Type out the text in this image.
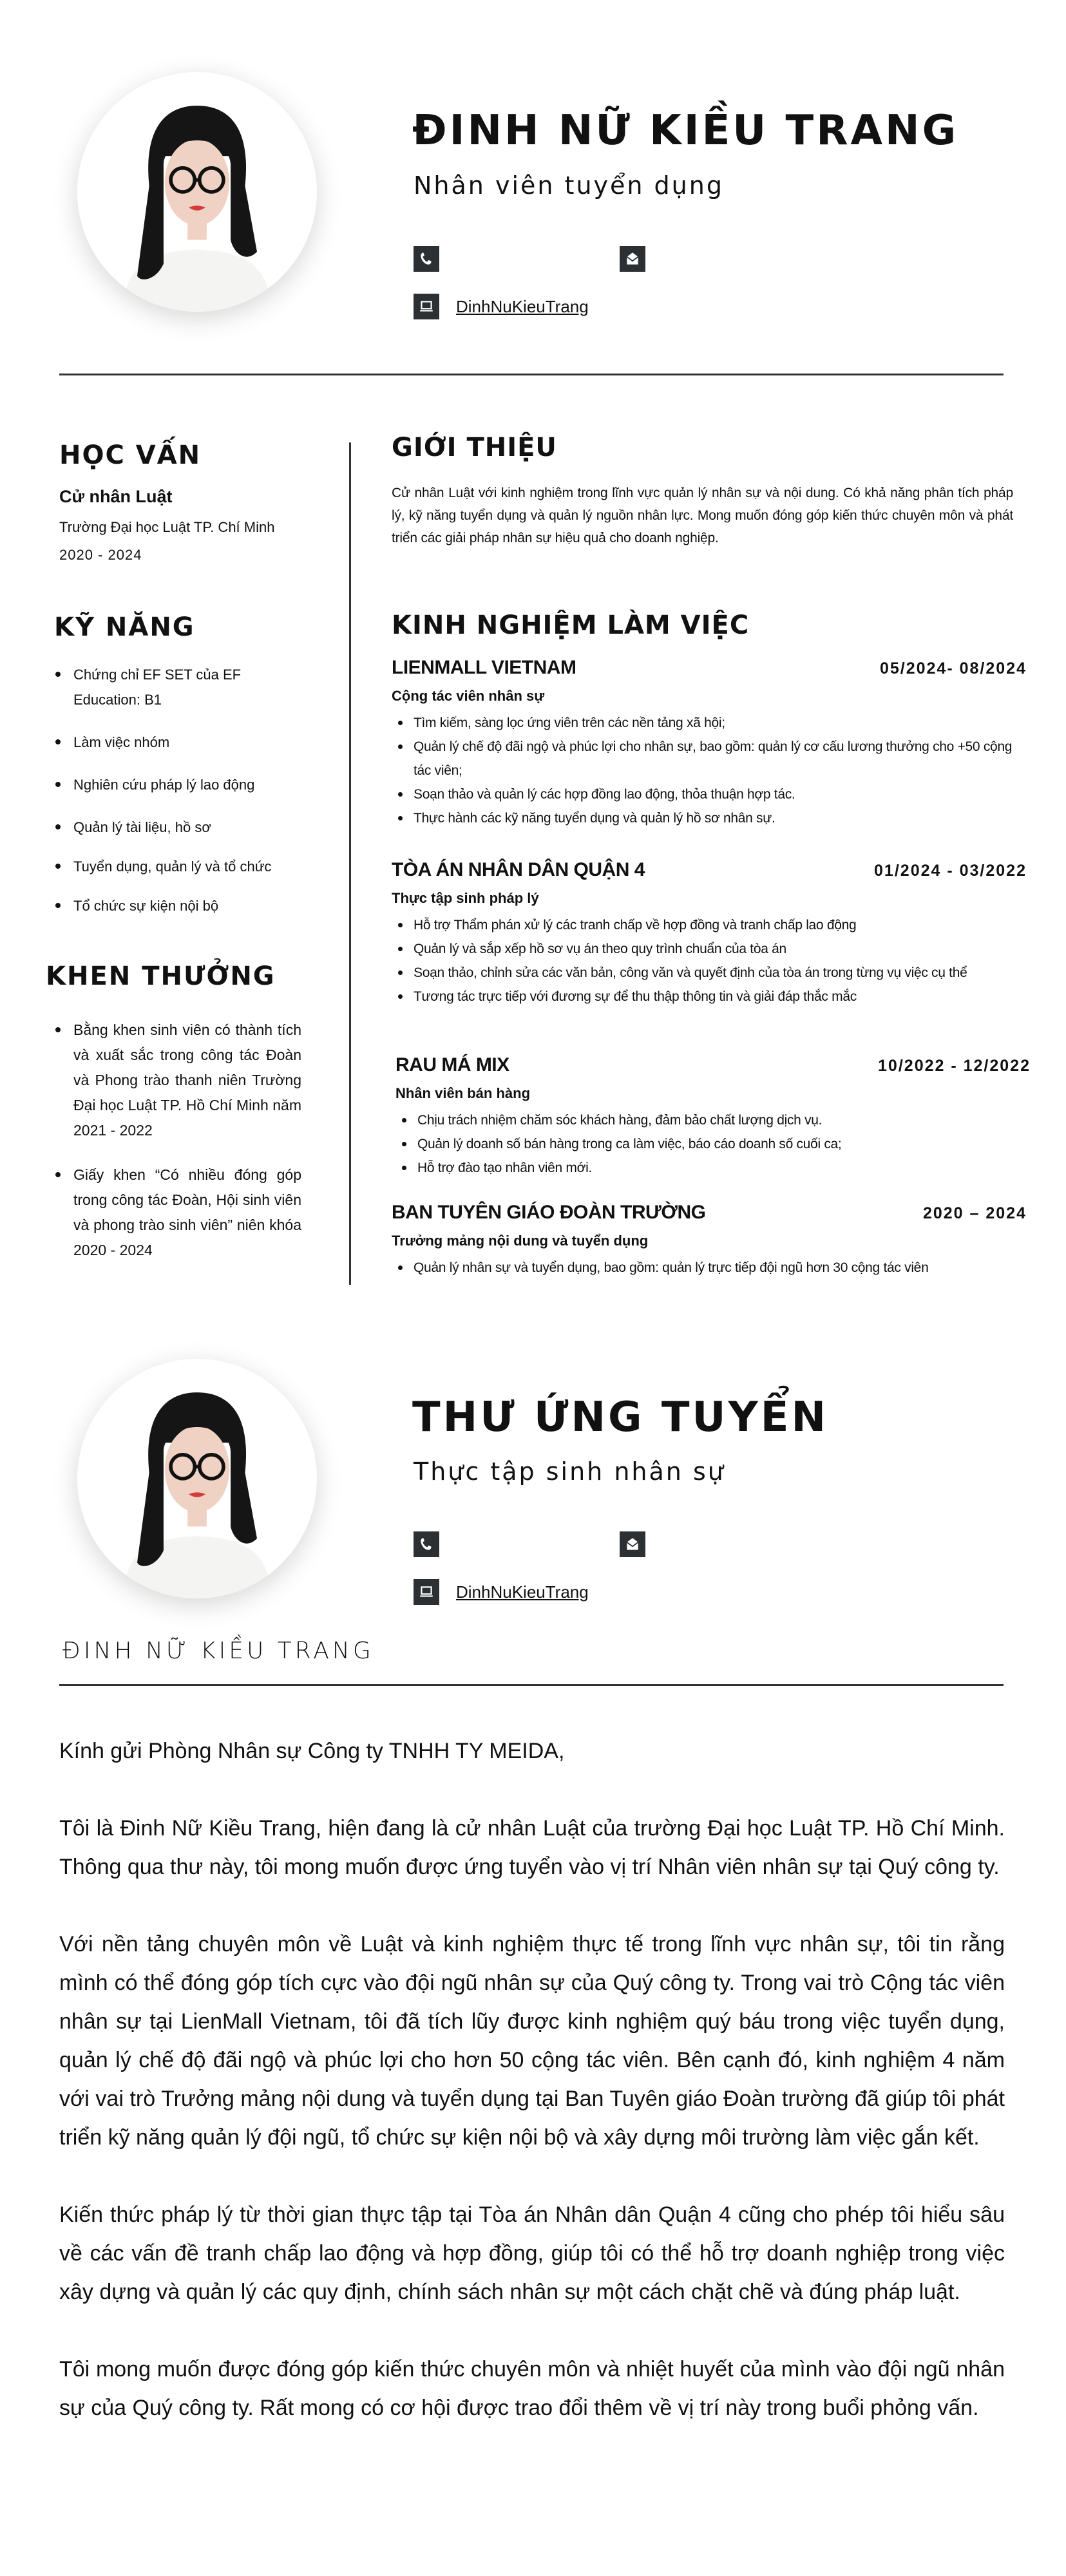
ĐINH NỮ KIỀU TRANG
Nhân viên tuyển dụng
DinhNuKieuTrang
HỌC VẤN
Cử nhân Luật
Trường Đại học Luật TP. Chí Minh
2020 - 2024
KỸ NĂNG
Chứng chỉ EF SET của EF Education: B1
Làm việc nhóm
Nghiên cứu pháp lý lao động
Quản lý tài liệu, hồ sơ
Tuyển dụng, quản lý và tổ chức
Tổ chức sự kiện nội bộ
KHEN THƯỞNG
Bằng khen sinh viên có thành tích và xuất sắc trong công tác Đoàn và Phong trào thanh niên Trường Đại học Luật TP. Hồ Chí Minh năm 2021 - 2022
Giấy khen “Có nhiều đóng góp trong công tác Đoàn, Hội sinh viên và phong trào sinh viên” niên khóa 2020 - 2024
GIỚI THIỆU
Cử nhân Luật với kinh nghiệm trong lĩnh vực quản lý nhân sự và nội dung. Có khả năng phân tích pháp lý, kỹ năng tuyển dụng và quản lý nguồn nhân lực. Mong muốn đóng góp kiến thức chuyên môn và phát triển các giải pháp nhân sự hiệu quả cho doanh nghiệp.
KINH NGHIỆM LÀM VIỆC
LIENMALL VIETNAM	05/2024- 08/2024
Cộng tác viên nhân sự
Tìm kiếm, sàng lọc ứng viên trên các nền tảng xã hội;
Quản lý chế độ đãi ngộ và phúc lợi cho nhân sự, bao gồm: quản lý cơ cấu lương thưởng cho +50 cộng tác viên;
Soạn thảo và quản lý các hợp đồng lao động, thỏa thuận hợp tác.
Thực hành các kỹ năng tuyển dụng và quản lý hồ sơ nhân sự.
TÒA ÁN NHÂN DÂN QUẬN 4	01/2024 - 03/2022
Thực tập sinh pháp lý
Hỗ trợ Thẩm phán xử lý các tranh chấp về hợp đồng và tranh chấp lao động
Quản lý và sắp xếp hồ sơ vụ án theo quy trình chuẩn của tòa án
Soạn thảo, chỉnh sửa các văn bản, công văn và quyết định của tòa án trong từng vụ việc cụ thể
Tương tác trực tiếp với đương sự để thu thập thông tin và giải đáp thắc mắc
RAU MÁ MIX	10/2022 - 12/2022
Nhân viên bán hàng
Chịu trách nhiệm chăm sóc khách hàng, đảm bảo chất lượng dịch vụ.
Quản lý doanh số bán hàng trong ca làm việc, báo cáo doanh số cuối ca;
Hỗ trợ đào tạo nhân viên mới.
BAN TUYÊN GIÁO ĐOÀN TRƯỜNG	2020 – 2024
Trưởng mảng nội dung và tuyển dụng
Quản lý nhân sự và tuyển dụng, bao gồm: quản lý trực tiếp đội ngũ hơn 30 cộng tác viên
THƯ ỨNG TUYỂN
Thực tập sinh nhân sự
DinhNuKieuTrang
ĐINH NỮ KIỀU TRANG

Kính gửi Phòng Nhân sự Công ty TNHH TY MEIDA,

Tôi là Đinh Nữ Kiều Trang, hiện đang là cử nhân Luật của trường Đại học Luật TP. Hồ Chí Minh. Thông qua thư này, tôi mong muốn được ứng tuyển vào vị trí Nhân viên nhân sự tại Quý công ty.

Với nền tảng chuyên môn về Luật và kinh nghiệm thực tế trong lĩnh vực nhân sự, tôi tin rằng mình có thể đóng góp tích cực vào đội ngũ nhân sự của Quý công ty. Trong vai trò Cộng tác viên nhân sự tại LienMall Vietnam, tôi đã tích lũy được kinh nghiệm quý báu trong việc tuyển dụng, quản lý chế độ đãi ngộ và phúc lợi cho hơn 50 cộng tác viên. Bên cạnh đó, kinh nghiệm 4 năm với vai trò Trưởng mảng nội dung và tuyển dụng tại Ban Tuyên giáo Đoàn trường đã giúp tôi phát triển kỹ năng quản lý đội ngũ, tổ chức sự kiện nội bộ và xây dựng môi trường làm việc gắn kết.

Kiến thức pháp lý từ thời gian thực tập tại Tòa án Nhân dân Quận 4 cũng cho phép tôi hiểu sâu về các vấn đề tranh chấp lao động và hợp đồng, giúp tôi có thể hỗ trợ doanh nghiệp trong việc xây dựng và quản lý các quy định, chính sách nhân sự một cách chặt chẽ và đúng pháp luật.

Tôi mong muốn được đóng góp kiến thức chuyên môn và nhiệt huyết của mình vào đội ngũ nhân sự của Quý công ty. Rất mong có cơ hội được trao đổi thêm về vị trí này trong buổi phỏng vấn.
